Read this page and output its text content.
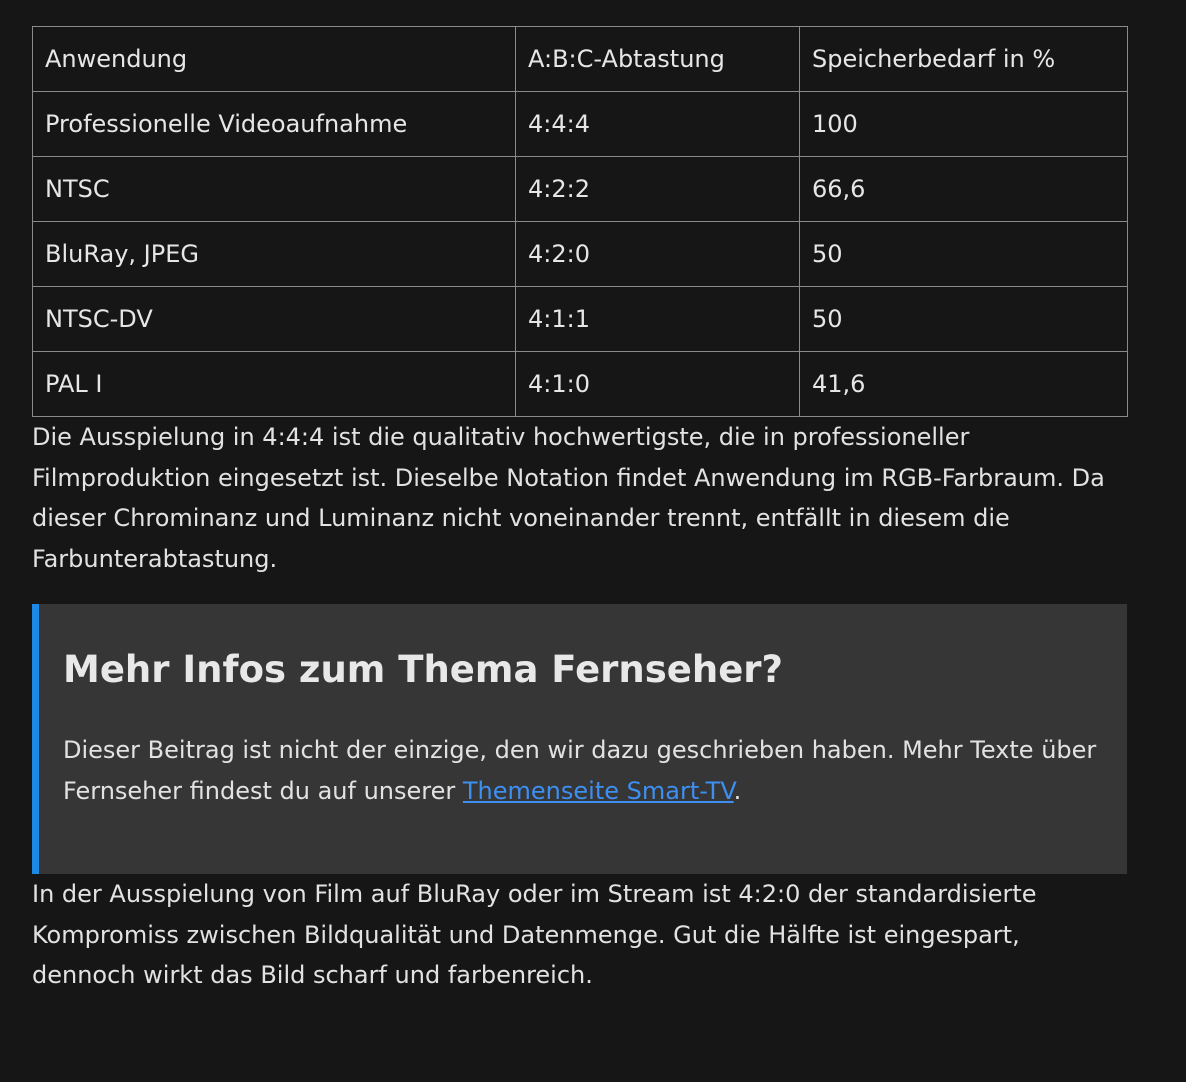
Anwendung	A:B:C-Abtastung	Speicherbedarf in %
Professionelle Videoaufnahme	4:4:4	100
NTSC	4:2:2	66,6
BluRay, JPEG	4:2:0	50
NTSC-DV	4:1:1	50
PAL I	4:1:0	41,6

Die Ausspielung in 4:4:4 ist die qualitativ hochwertigste, die in professioneller Filmproduktion eingesetzt ist. Dieselbe Notation findet Anwendung im RGB-Farbraum. Da dieser Chrominanz und Luminanz nicht voneinander trennt, entfällt in diesem die Farbunterabtastung.

Mehr Infos zum Thema Fernseher?

Dieser Beitrag ist nicht der einzige, den wir dazu geschrieben haben. Mehr Texte über Fernseher findest du auf unserer Themenseite Smart-TV.

In der Ausspielung von Film auf BluRay oder im Stream ist 4:2:0 der standardisierte Kompromiss zwischen Bildqualität und Datenmenge. Gut die Hälfte ist eingespart, dennoch wirkt das Bild scharf und farbenreich.
